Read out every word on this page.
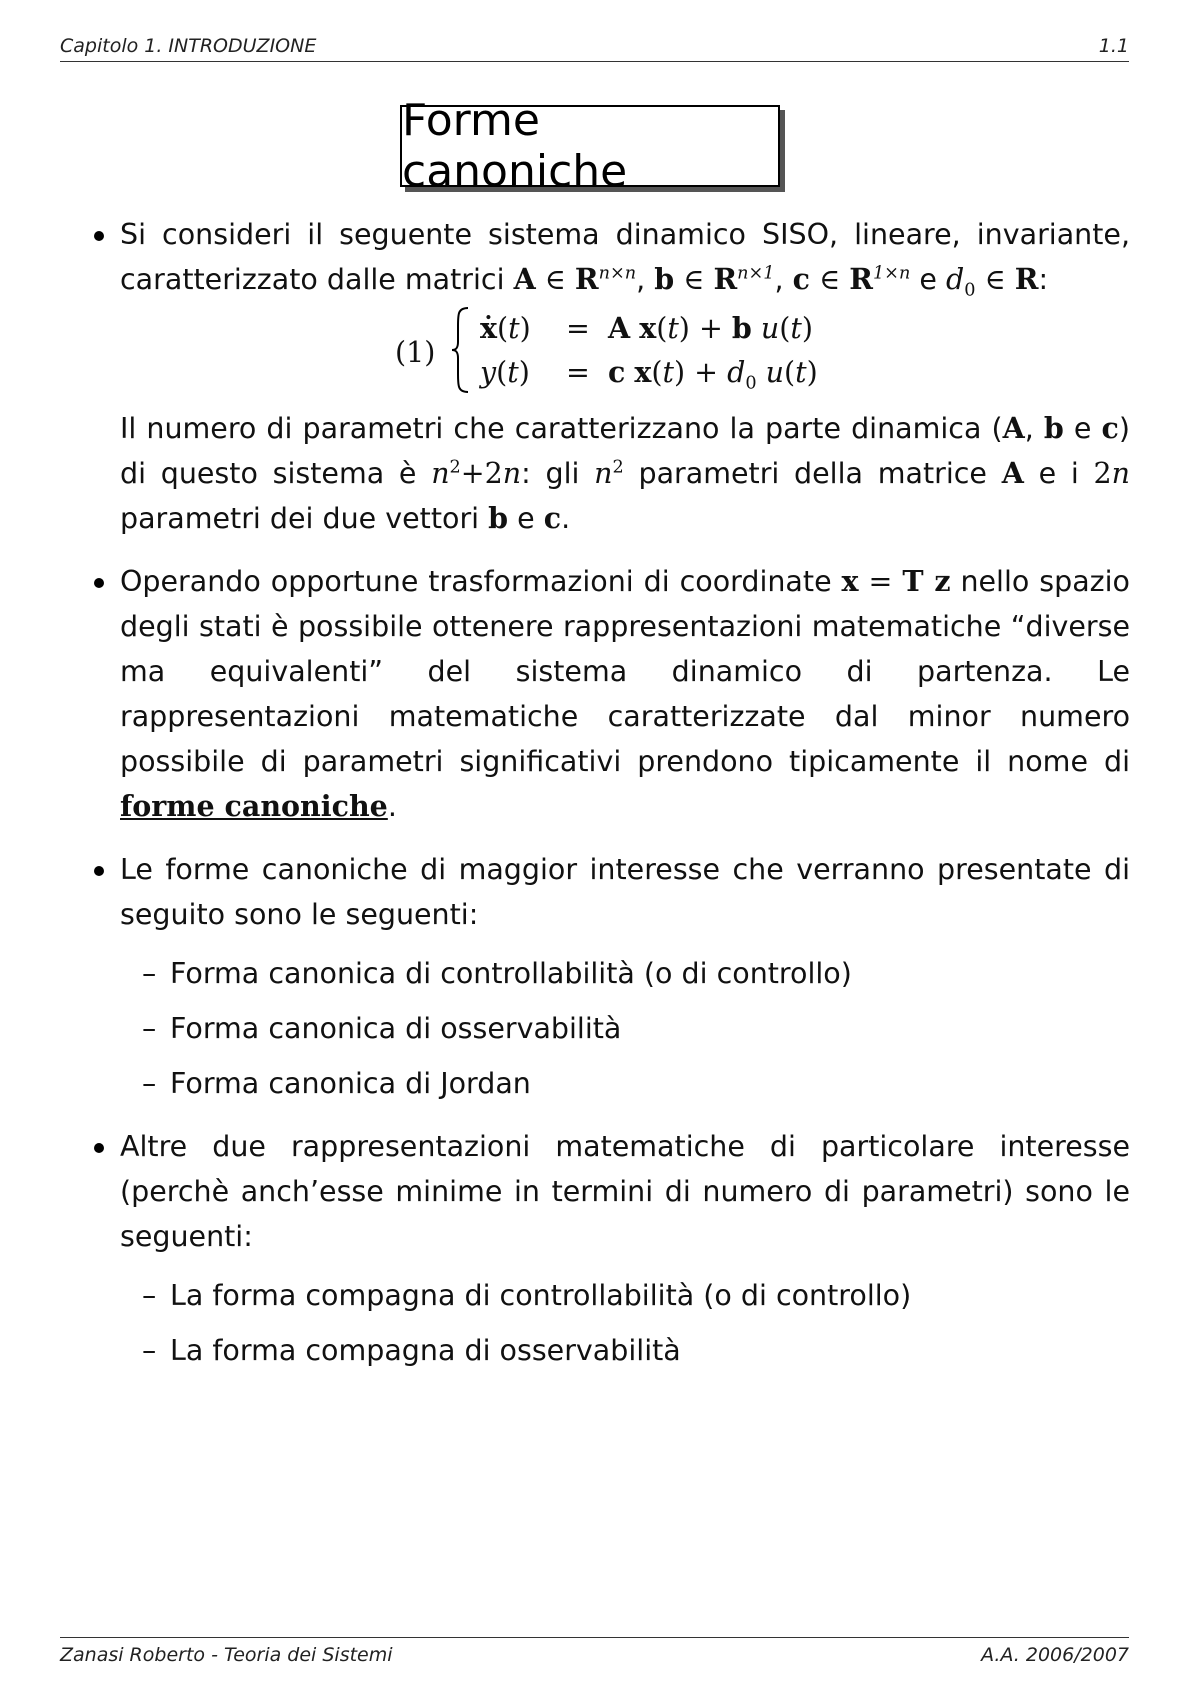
Capitolo 1. INTRODUZIONE	1.1
Forme canoniche

Si consideri il seguente sistema dinamico SISO, lineare, invariante, caratterizzato dalle matrici A ∈ $R^{n\times n}$, b ∈ $R^{n\times 1}$, c ∈ $R^{1\times n}$ e $d_0$ ∈ R:

(1)
ẋ(t) = A x(t) + b u(t)
y(t) = c $x(t) + d_0$ u(t)

Il numero di parametri che caratterizzano la parte dinamica (A, b e c) di questo sistema è $n^2+2n$: gli $n^2$ parametri della matrice A e i 2n parametri dei due vettori b e c.

Operando opportune trasformazioni di coordinate x = T z nello spazio degli stati è possibile ottenere rappresentazioni matematiche “diverse ma equivalenti” del sistema dinamico di partenza. Le rappresentazioni matematiche caratterizzate dal minor numero possibile di parametri significativi prendono tipicamente il nome di forme canoniche.

Le forme canoniche di maggior interesse che verranno presentate di seguito sono le seguenti:

– Forma canonica di controllabilità (o di controllo)
– Forma canonica di osservabilità
– Forma canonica di Jordan

Altre due rappresentazioni matematiche di particolare interesse (perchè anch’esse minime in termini di numero di parametri) sono le seguenti:

– La forma compagna di controllabilità (o di controllo)
– La forma compagna di osservabilità
Zanasi Roberto - Teoria dei Sistemi	A.A. 2006/2007
